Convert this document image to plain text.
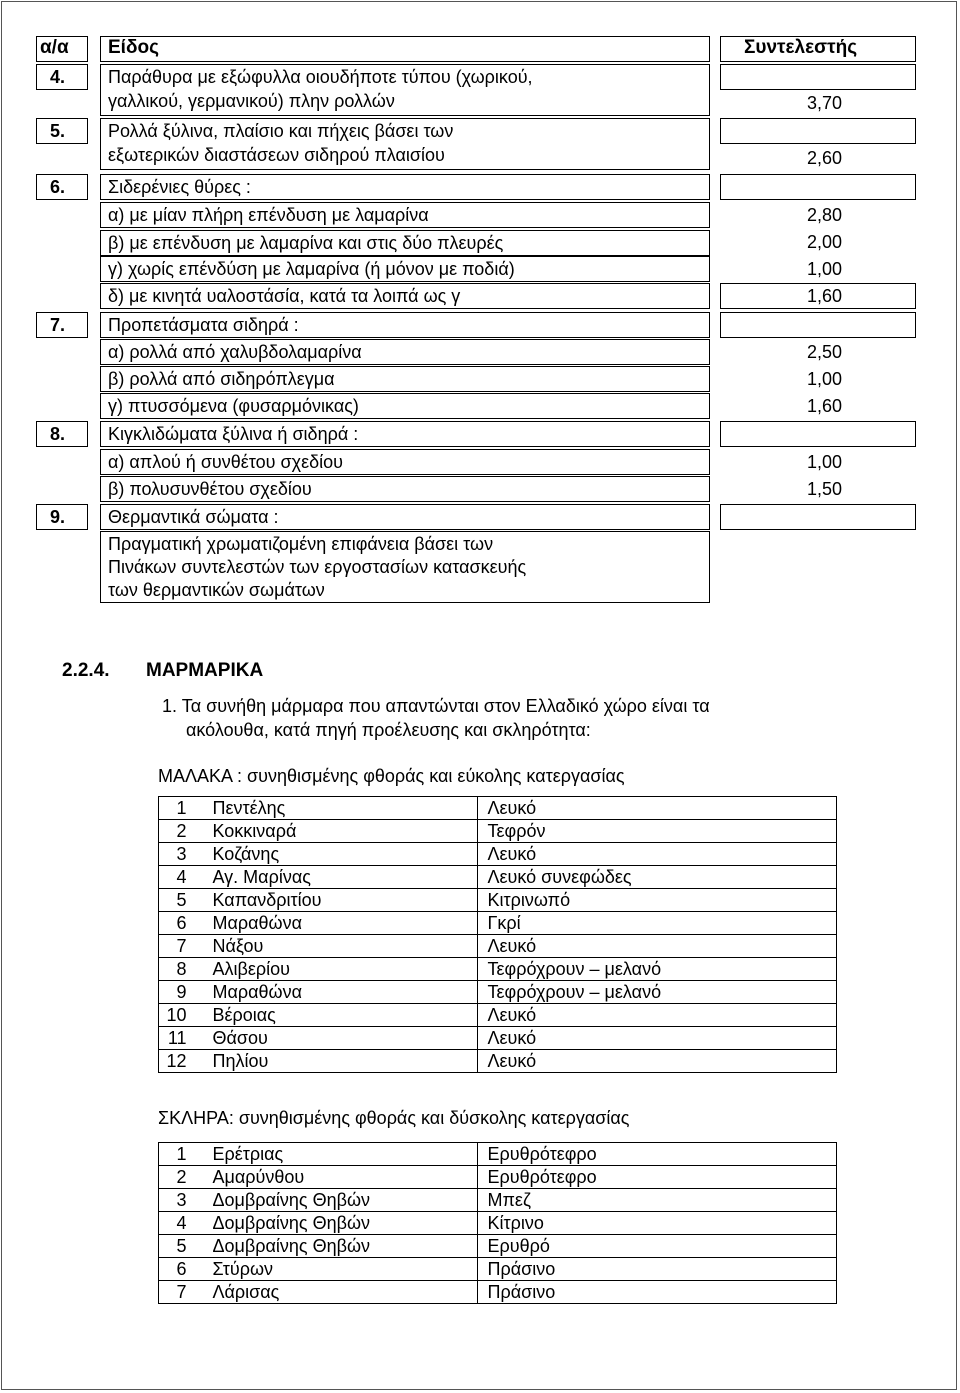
α/α Είδος	Συντελεστής
4. Παράθυρα με εξώφυλλα οιουδήποτε τύπου (χωρικού,
γαλλικού, γερμανικού) πλην ρολλών	3,70
5. Ρολλά ξύλινα, πλαίσιο και πήχεις βάσει των
εξωτερικών διαστάσεων σιδηρού πλαισίου	2,60
6. Σιδερένιες θύρες :
α) με μίαν πλήρη επένδυση με λαμαρίνα	2,80
β) με επένδυση με λαμαρίνα και στις δύο πλευρές	2,00
γ) χωρίς επένδύση με λαμαρίνα (ή μόνον με ποδιά)	1,00
δ) με κινητά υαλοστάσία, κατά τα λοιπά ως γ	1,60
7. Προπετάσματα σιδηρά :
α) ρολλά από χαλυβδολαμαρίνα	2,50
β) ρολλά από σιδηρόπλεγμα	1,00
γ) πτυσσόμενα (φυσαρμόνικας)	1,60
8. Κιγκλιδώματα ξύλινα ή σιδηρά :
α) απλού ή συνθέτου σχεδίου	1,00
β) πολυσυνθέτου σχεδίου	1,50
9. Θερμαντικά σώματα :
Πραγματική χρωματιζομένη επιφάνεια βάσει των
Πινάκων συντελεστών των εργοστασίων κατασκευής
των θερμαντικών σωμάτων
2.2.4. ΜΑΡΜΑΡΙΚΑ
1. Τα συνήθη μάρμαρα που απαντώνται στον Ελλαδικό χώρο είναι τα
ακόλουθα, κατά πηγή προέλευσης και σκληρότητα:
ΜΑΛΑΚΑ : συνηθισμένης φθοράς και εύκολης κατεργασίας
1	Πεντέλης	Λευκό
2	Κοκκιναρά	Τεφρόν
3	Κοζάνης	Λευκό
4	Αγ. Μαρίνας	Λευκό συνεφώδες
5	Καπανδριτίου	Κιτρινωπό
6	Μαραθώνα	Γκρί
7	Νάξου	Λευκό
8	Αλιβερίου	Τεφρόχρουν – μελανό
9	Μαραθώνα	Τεφρόχρουν – μελανό
10	Βέροιας	Λευκό
11	Θάσου	Λευκό
12	Πηλίου	Λευκό
ΣΚΛΗΡΑ: συνηθισμένης φθοράς και δύσκολης κατεργασίας
1	Ερέτριας	Ερυθρότεφρο
2	Αμαρύνθου	Ερυθρότεφρο
3	Δομβραίνης Θηβών	Μπεζ
4	Δομβραίνης Θηβών	Κίτρινο
5	Δομβραίνης Θηβών	Ερυθρό
6	Στύρων	Πράσινο
7	Λάρισας	Πράσινο
